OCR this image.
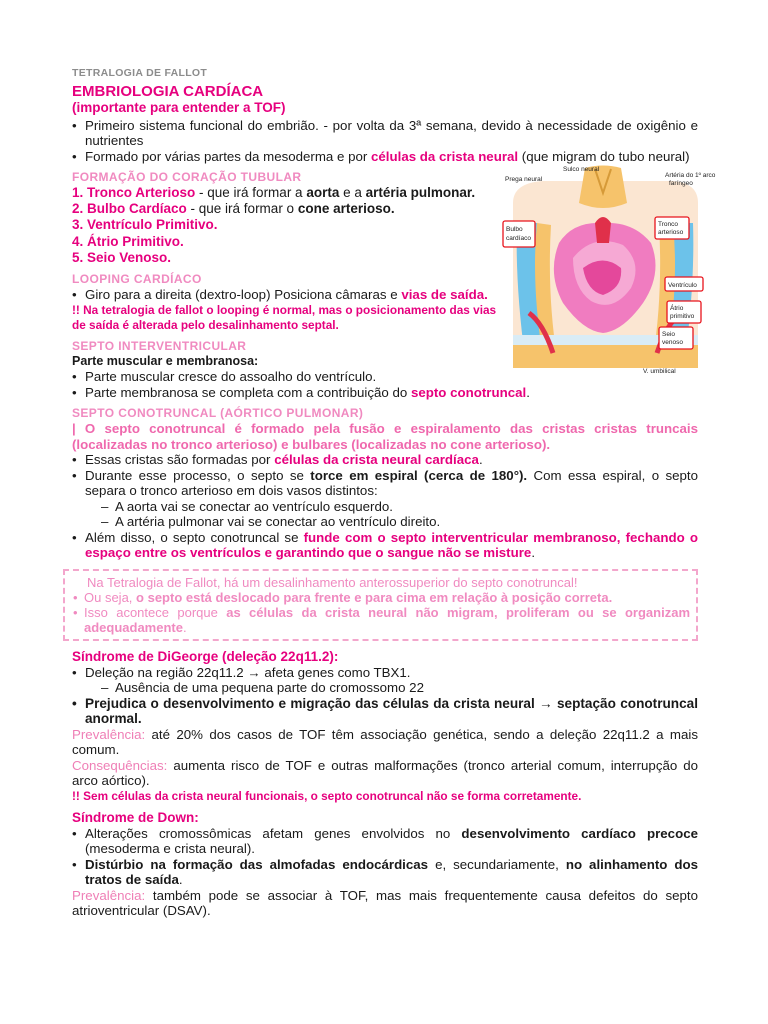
TETRALOGIA DE FALLOT
EMBRIOLOGIA CARDÍACA
(importante para entender a TOF)
• Primeiro sistema funcional do embrião. - por volta da 3ª semana, devido à necessidade de oxigênio e nutrientes
• Formado por várias partes da mesoderma e por células da crista neural (que migram do tubo neural)
FORMAÇÃO DO CORAÇÃO TUBULAR
1. Tronco Arterioso - que irá formar a aorta e a artéria pulmonar.
2. Bulbo Cardíaco - que irá formar o cone arterioso.
3. Ventrículo Primitivo.
4. Átrio Primitivo.
5. Seio Venoso.
LOOPING CARDÍACO
• Giro para a direita (dextro-loop) Posiciona câmaras e vias de saída.
!! Na tetralogia de fallot o looping é normal, mas o posicionamento das vias de saída é alterada pelo desalinhamento septal.
SEPTO INTERVENTRICULAR
Parte muscular e membranosa:
• Parte muscular cresce do assoalho do ventrículo.
• Parte membranosa se completa com a contribuição do septo conotruncal.
SEPTO CONOTRUNCAL (AÓRTICO PULMONAR)
| O septo conotruncal é formado pela fusão e espiralamento das cristas cristas truncais (localizadas no tronco arterioso) e bulbares (localizadas no cone arterioso).
• Essas cristas são formadas por células da crista neural cardíaca.
• Durante esse processo, o septo se torce em espiral (cerca de 180°). Com essa espiral, o septo separa o tronco arterioso em dois vasos distintos:
– A aorta vai se conectar ao ventrículo esquerdo.
– A artéria pulmonar vai se conectar ao ventrículo direito.
• Além disso, o septo conotruncal se funde com o septo interventricular membranoso, fechando o espaço entre os ventrículos e garantindo que o sangue não se misture.
Na Tetralogia de Fallot, há um desalinhamento anterossuperior do septo conotruncal!
• Ou seja, o septo está deslocado para frente e para cima em relação à posição correta.
• Isso acontece porque as células da crista neural não migram, proliferam ou se organizam adequadamente.
Síndrome de DiGeorge (deleção 22q11.2):
• Deleção na região 22q11.2 → afeta genes como TBX1.
– Ausência de uma pequena parte do cromossomo 22
• Prejudica o desenvolvimento e migração das células da crista neural → septação conotruncal anormal.
Prevalência: até 20% dos casos de TOF têm associação genética, sendo a deleção 22q11.2 a mais comum.
Consequências: aumenta risco de TOF e outras malformações (tronco arterial comum, interrupção do arco aórtico).
!! Sem células da crista neural funcionais, o septo conotruncal não se forma corretamente.
Síndrome de Down:
• Alterações cromossômicas afetam genes envolvidos no desenvolvimento cardíaco precoce (mesoderma e crista neural).
• Distúrbio na formação das almofadas endocárdicas e, secundariamente, no alinhamento dos tratos de saída.
Prevalência: também pode se associar à TOF, mas mais frequentemente causa defeitos do septo atrioventricular (DSAV).
Sulco neural
Prega neural
Artéria do 1º arco
faríngeo
Bulbo
cardíaco
Tronco
arterioso
Ventrículo
Átrio
primitivo
Seio
venoso
V. umbilical
